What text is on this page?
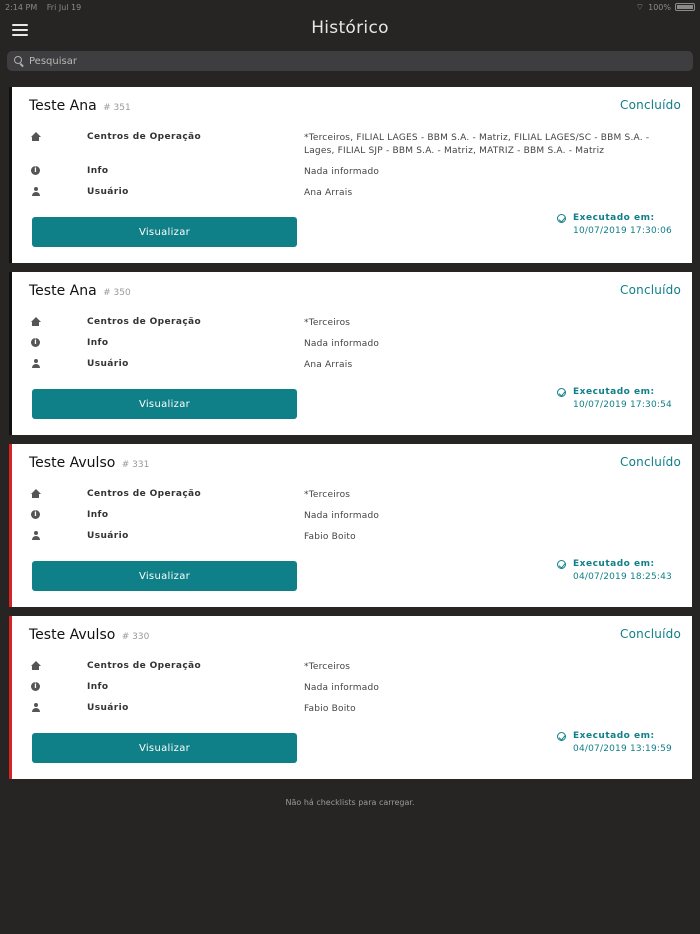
2:14 PM Fri Jul 19	⌔ 100%
Histórico
Pesquisar
Teste Ana # 351	Concluído
Centros de Operação	*Terceiros, FILIAL LAGES - BBM S.A. - Matriz, FILIAL LAGES/SC - BBM S.A. - Lages, FILIAL SJP - BBM S.A. - Matriz, MATRIZ - BBM S.A. - Matriz
i	Info	Nada informado
Usuário	Ana Arrais
Visualizar
Executado em:
10/07/2019 17:30:06
Teste Ana # 350	Concluído
Centros de Operação	*Terceiros
i	Info	Nada informado
Usuário	Ana Arrais
Visualizar
Executado em:
10/07/2019 17:30:54
Teste Avulso # 331	Concluído
Centros de Operação	*Terceiros
i	Info	Nada informado
Usuário	Fabio Boito
Visualizar
Executado em:
04/07/2019 18:25:43
Teste Avulso # 330	Concluído
Centros de Operação	*Terceiros
i	Info	Nada informado
Usuário	Fabio Boito
Visualizar
Executado em:
04/07/2019 13:19:59
Não há checklists para carregar.
